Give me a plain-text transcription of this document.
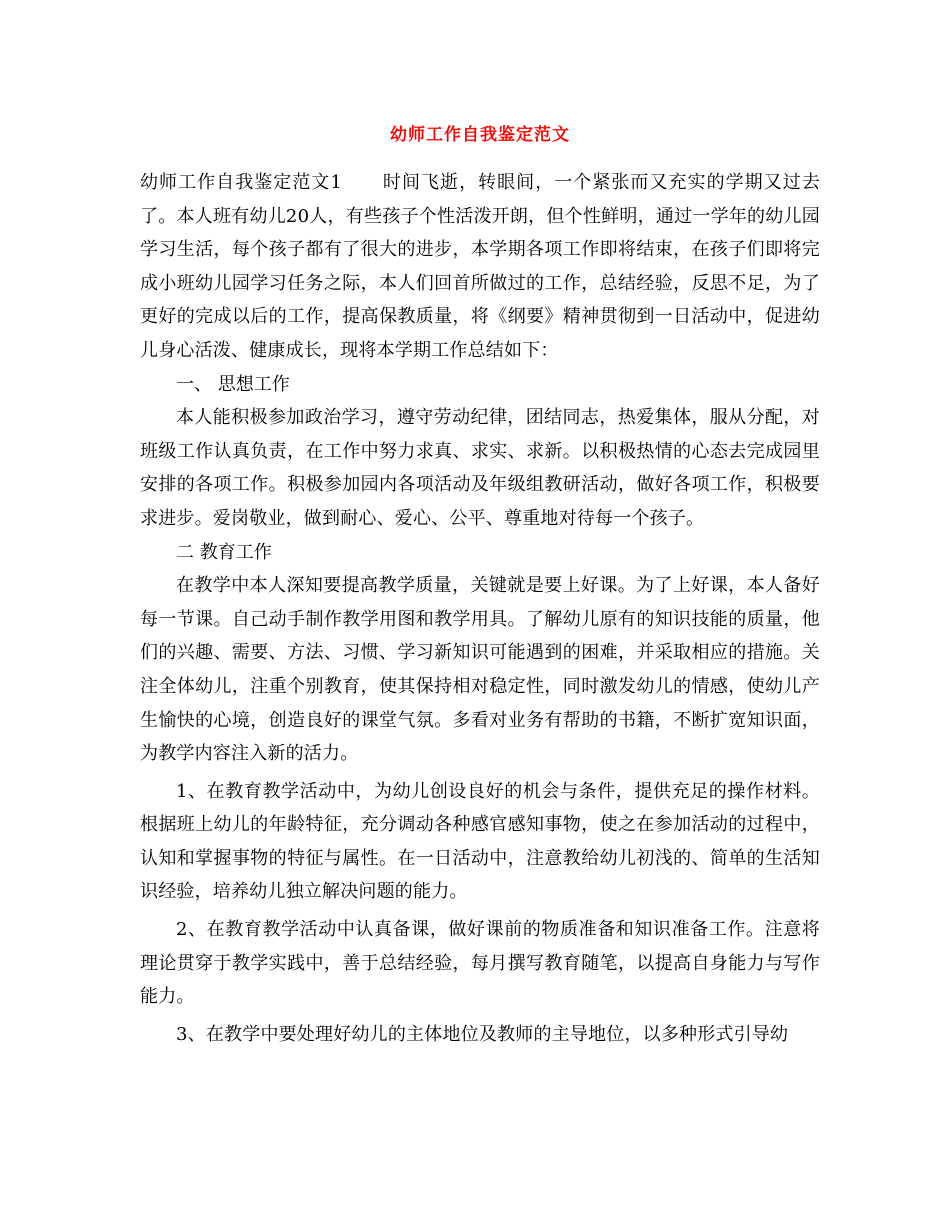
幼师工作自我鉴定范文

幼师工作自我鉴定范文1 时间飞逝，转眼间，一个紧张而又充实的学期又过去了。本人班有幼儿20人，有些孩子个性活泼开朗，但个性鲜明，通过一学年的幼儿园学习生活，每个孩子都有了很大的进步，本学期各项工作即将结束，在孩子们即将完成小班幼儿园学习任务之际，本人们回首所做过的工作，总结经验，反思不足，为了更好的完成以后的工作，提高保教质量，将《纲要》精神贯彻到一日活动中，促进幼儿身心活泼、健康成长，现将本学期工作总结如下：

一、 思想工作

本人能积极参加政治学习，遵守劳动纪律，团结同志，热爱集体，服从分配，对班级工作认真负责，在工作中努力求真、求实、求新。以积极热情的心态去完成园里安排的各项工作。积极参加园内各项活动及年级组教研活动，做好各项工作，积极要求进步。爱岗敬业，做到耐心、爱心、公平、尊重地对待每一个孩子。

二 教育工作

在教学中本人深知要提高教学质量，关键就是要上好课。为了上好课，本人备好每一节课。自己动手制作教学用图和教学用具。了解幼儿原有的知识技能的质量，他们的兴趣、需要、方法、习惯、学习新知识可能遇到的困难，并采取相应的措施。关注全体幼儿，注重个别教育，使其保持相对稳定性，同时激发幼儿的情感，使幼儿产 生愉快的心境，创造良好的课堂气氛。多看对业务有帮助的书籍，不断扩宽知识面，为教学内容注入新的活力。

1、在教育教学活动中，为幼儿创设良好的机会与条件，提供充足的操作材料。根据班上幼儿的年龄特征，充分调动各种感官感知事物，使之在参加活动的过程中，认知和掌握事物的特征与属性。在一日活动中，注意教给幼儿初浅的、简单的生活知识经验，培养幼儿独立解决问题的能力。

2、在教育教学活动中认真备课，做好课前的物质准备和知识准备工作。注意将理论贯穿于教学实践中，善于总结经验，每月撰写教育随笔，以提高自身能力与写作能力。

3、在教学中要处理好幼儿的主体地位及教师的主导地位，以多种形式引导幼
